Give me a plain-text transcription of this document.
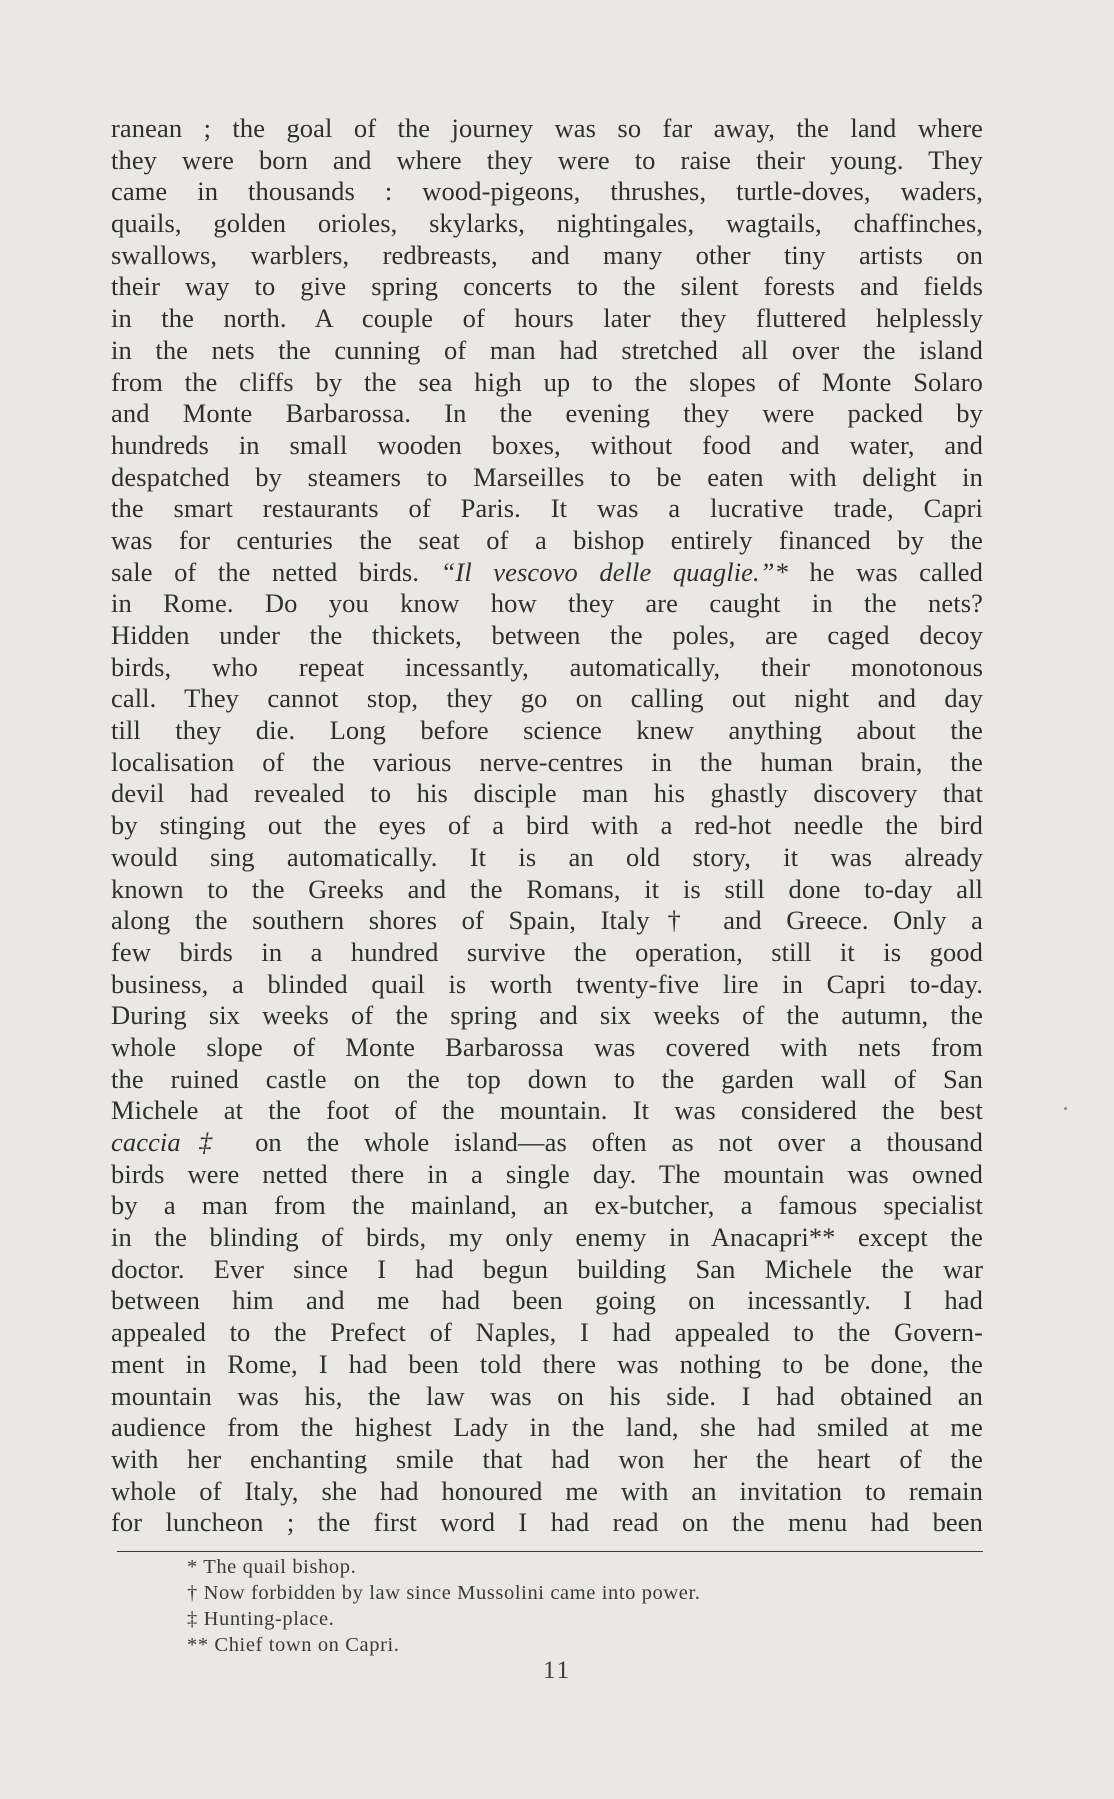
ranean ; the goal of the journey was so far away, the land where
they were born and where they were to raise their young. They
came in thousands : wood-pigeons, thrushes, turtle-doves, waders,
quails, golden orioles, skylarks, nightingales, wagtails, chaffinches,
swallows, warblers, redbreasts, and many other tiny artists on
their way to give spring concerts to the silent forests and fields
in the north. A couple of hours later they fluttered helplessly
in the nets the cunning of man had stretched all over the island
from the cliffs by the sea high up to the slopes of Monte Solaro
and Monte Barbarossa. In the evening they were packed by
hundreds in small wooden boxes, without food and water, and
despatched by steamers to Marseilles to be eaten with delight in
the smart restaurants of Paris. It was a lucrative trade, Capri
was for centuries the seat of a bishop entirely financed by the
sale of the netted birds. “Il vescovo delle quaglie.”* he was called
in Rome. Do you know how they are caught in the nets?
Hidden under the thickets, between the poles, are caged decoy
birds, who repeat incessantly, automatically, their monotonous
call. They cannot stop, they go on calling out night and day
till they die. Long before science knew anything about the
localisation of the various nerve-centres in the human brain, the
devil had revealed to his disciple man his ghastly discovery that
by stinging out the eyes of a bird with a red-hot needle the bird
would sing automatically. It is an old story, it was already
known to the Greeks and the Romans, it is still done to-day all
along the southern shores of Spain, Italy† and Greece. Only a
few birds in a hundred survive the operation, still it is good
business, a blinded quail is worth twenty-five lire in Capri to-day.
During six weeks of the spring and six weeks of the autumn, the
whole slope of Monte Barbarossa was covered with nets from
the ruined castle on the top down to the garden wall of San
Michele at the foot of the mountain. It was considered the best
caccia‡ on the whole island—as often as not over a thousand
birds were netted there in a single day. The mountain was owned
by a man from the mainland, an ex-butcher, a famous specialist
in the blinding of birds, my only enemy in Anacapri** except the
doctor. Ever since I had begun building San Michele the war
between him and me had been going on incessantly. I had
appealed to the Prefect of Naples, I had appealed to the Govern-
ment in Rome, I had been told there was nothing to be done, the
mountain was his, the law was on his side. I had obtained an
audience from the highest Lady in the land, she had smiled at me
with her enchanting smile that had won her the heart of the
whole of Italy, she had honoured me with an invitation to remain
for luncheon ; the first word I had read on the menu had been
* The quail bishop.
† Now forbidden by law since Mussolini came into power.
‡ Hunting-place.
** Chief town on Capri.
11
